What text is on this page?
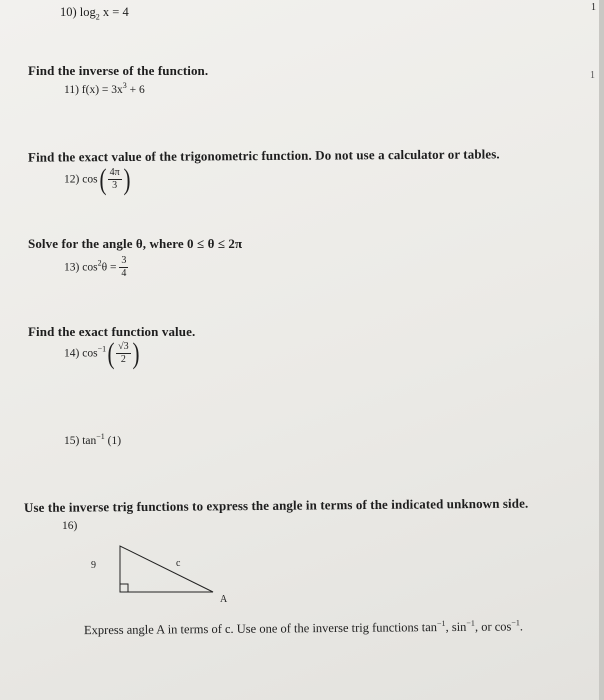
1
1
10) $\log_2 x = 4$
Find the inverse of the function.
11) $f(x) = 3x^3 + 6$
Find the exact value of the trigonometric function. Do not use a calculator or tables.
12) $\cos( \frac{4\pi}{3}$ )
Solve for the angle θ, where 0 ≤ θ ≤ 2π
13) $\cos^2\theta = \frac{3}{4}$
Find the exact function value.
14) $\cos^{-1}( \frac{√3}{2}$ )
15) $\tan^{-1} (1)$
Use the inverse trig functions to express the angle in terms of the indicated unknown side.
16)
9	c
A
Express angle A in terms of c. Use one of the inverse trig functions $\tan^{-1}$, $\sin^{-1}$, or $\cos^{-1}$.
